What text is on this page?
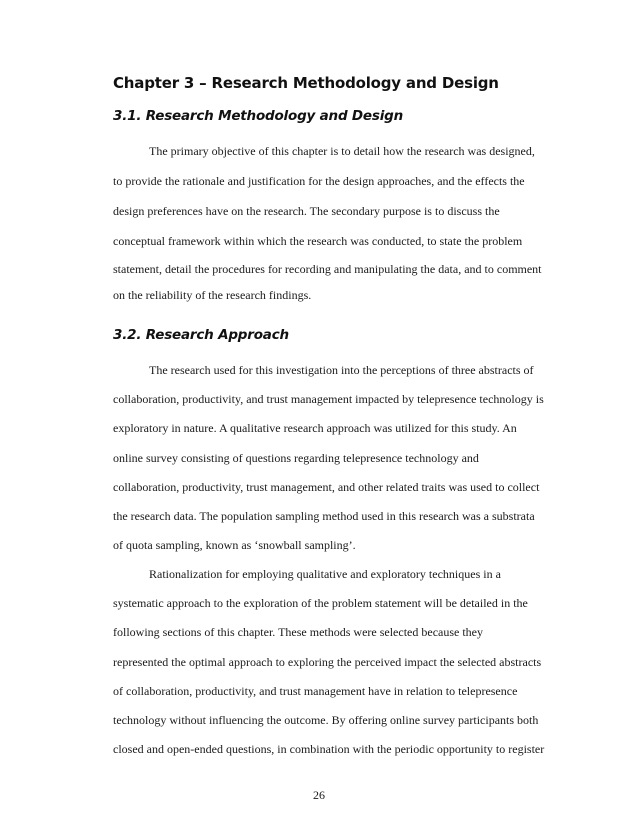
Chapter 3 – Research Methodology and Design
3.1. Research Methodology and Design
The primary objective of this chapter is to detail how the research was designed,
to provide the rationale and justification for the design approaches, and the effects the
design preferences have on the research. The secondary purpose is to discuss the
conceptual framework within which the research was conducted, to state the problem
statement, detail the procedures for recording and manipulating the data, and to comment
on the reliability of the research findings.
3.2. Research Approach
The research used for this investigation into the perceptions of three abstracts of
collaboration, productivity, and trust management impacted by telepresence technology is
exploratory in nature. A qualitative research approach was utilized for this study. An
online survey consisting of questions regarding telepresence technology and
collaboration, productivity, trust management, and other related traits was used to collect
the research data. The population sampling method used in this research was a substrata
of quota sampling, known as ‘snowball sampling’.
Rationalization for employing qualitative and exploratory techniques in a
systematic approach to the exploration of the problem statement will be detailed in the
following sections of this chapter. These methods were selected because they
represented the optimal approach to exploring the perceived impact the selected abstracts
of collaboration, productivity, and trust management have in relation to telepresence
technology without influencing the outcome. By offering online survey participants both
closed and open-ended questions, in combination with the periodic opportunity to register
26
